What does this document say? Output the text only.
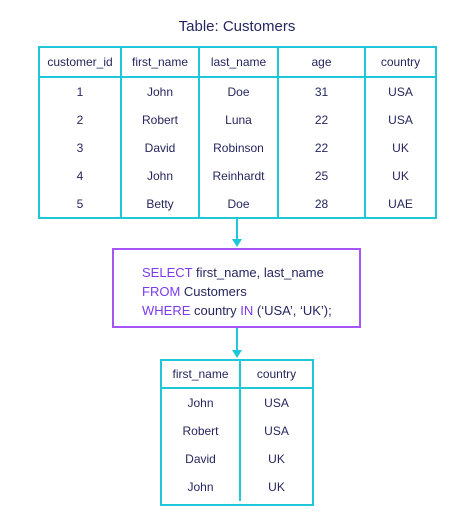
Table: Customers
customer_id	first_name	last_name	age	country
1	John	Doe	31	USA
2	Robert	Luna	22	USA
3	David	Robinson	22	UK
4	John	Reinhardt	25	UK
5	Betty	Doe	28	UAE
SELECT first_name, last_name
FROM Customers
WHERE country IN (‘USA’, ‘UK’);
first_name	country
John	USA
Robert	USA
David	UK
John	UK
